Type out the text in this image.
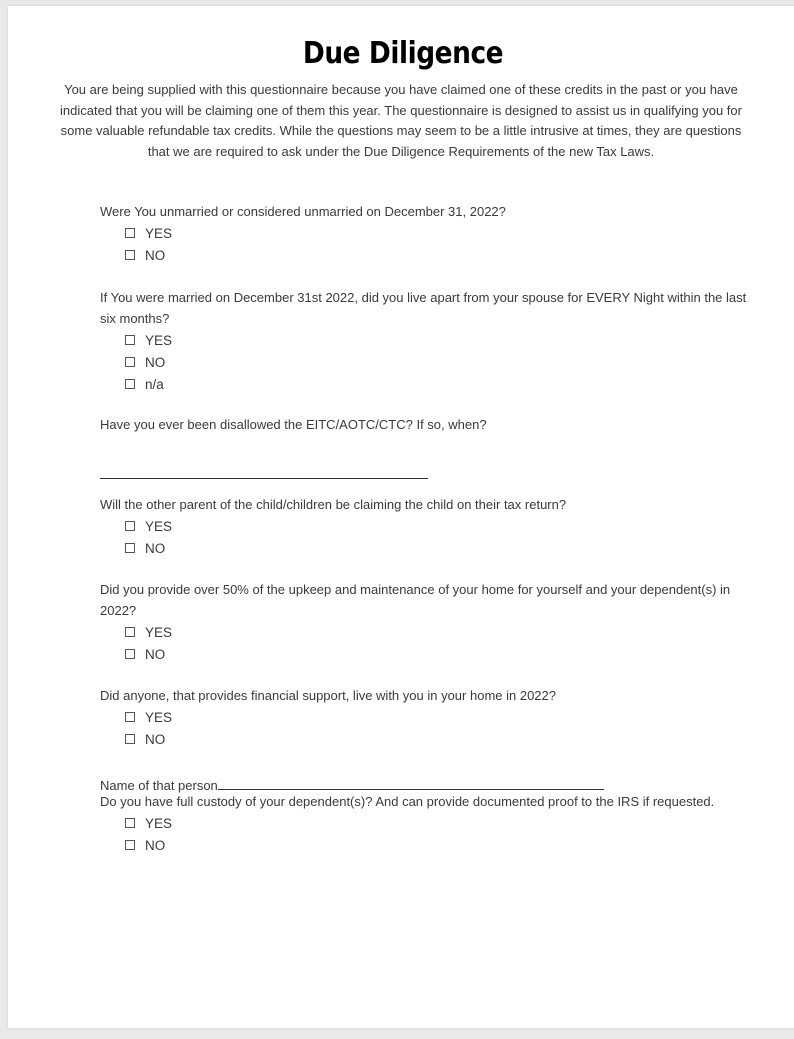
Due Diligence
You are being supplied with this questionnaire because you have claimed one of these credits in the past or you have indicated that you will be claiming one of them this year. The questionnaire is designed to assist us in qualifying you for some valuable refundable tax credits. While the questions may seem to be a little intrusive at times, they are questions that we are required to ask under the Due Diligence Requirements of the new Tax Laws.
Were You unmarried or considered unmarried on December 31, 2022?
YES
NO
If You were married on December 31st 2022, did you live apart from your spouse for EVERY Night within the last six months?
YES
NO
n/a
Have you ever been disallowed the EITC/AOTC/CTC? If so, when?
Will the other parent of the child/children be claiming the child on their tax return?
YES
NO
Did you provide over 50% of the upkeep and maintenance of your home for yourself and your dependent(s) in 2022?
YES
NO
Did anyone, that provides financial support, live with you in your home in 2022?
YES
NO
Name of that person
Do you have full custody of your dependent(s)? And can provide documented proof to the IRS if requested.
YES
NO
